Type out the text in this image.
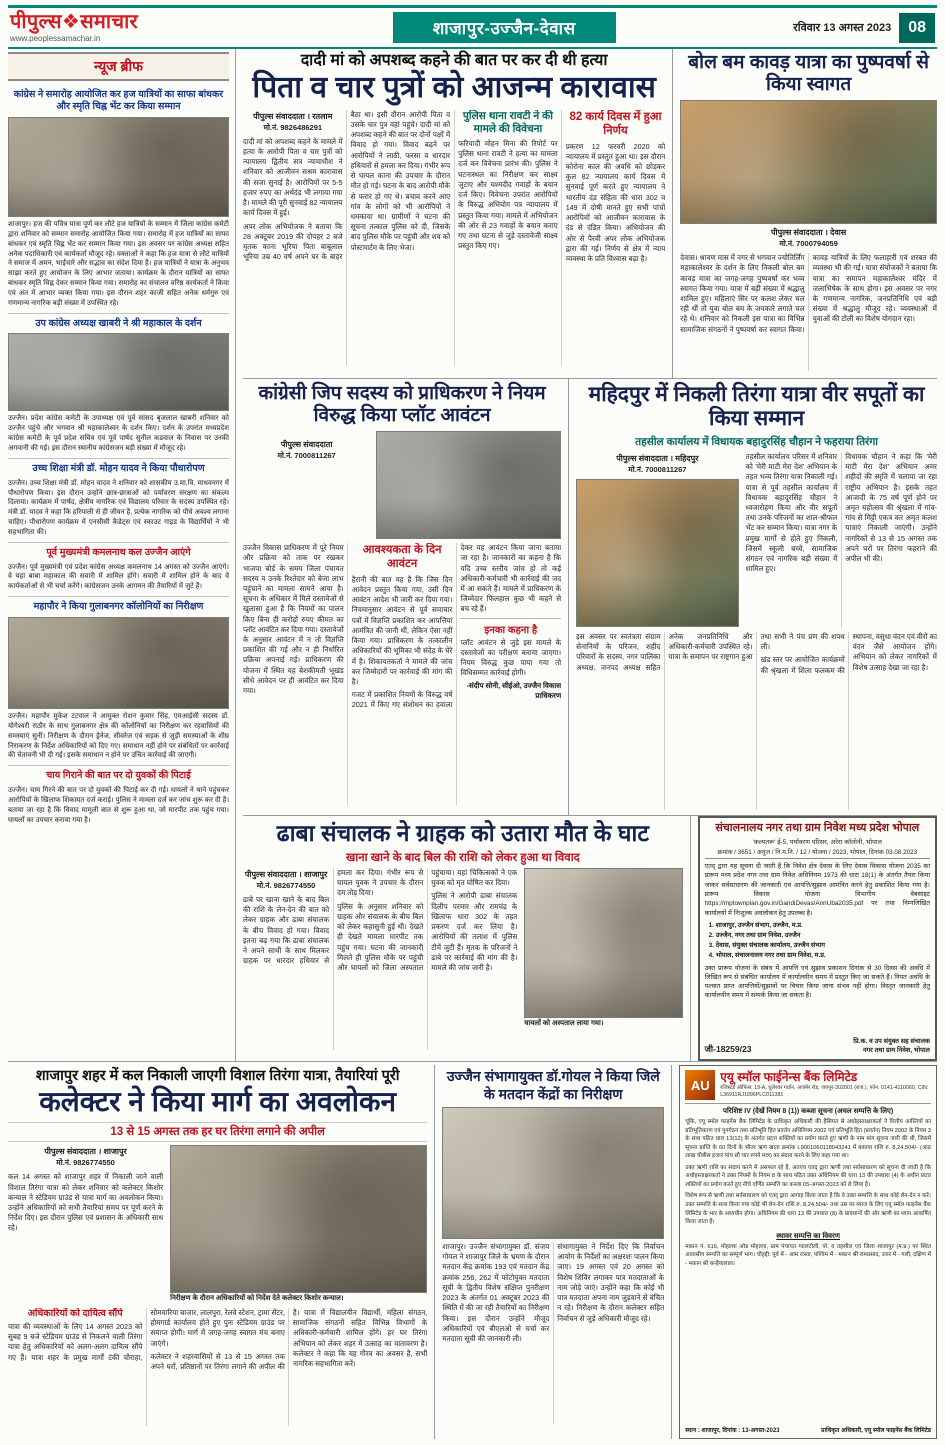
पीपुल्स❖समाचार
www.peoplessamachar.in
शाजापुर-उज्जैन-देवास	रविवार 13 अगस्त 2023	08
न्यूज ब्रीफ
कांग्रेस ने समारोह आयोजित कर हज यात्रियों का साफा बांधकर और स्मृति चिह्न भेंट कर किया सम्मान

शाजापुर। हज की पवित्र यात्रा पूर्ण कर लौटे हज यात्रियों के सम्मान में जिला कांग्रेस कमेटी द्वारा शनिवार को सम्मान समारोह आयोजित किया गया। समारोह में हज यात्रियों का साफा बांधकर एवं स्मृति चिह्न भेंट कर सम्मान किया गया। इस अवसर पर कांग्रेस अध्यक्ष सहित अनेक पदाधिकारी एवं कार्यकर्ता मौजूद रहे। वक्ताओं ने कहा कि हज यात्रा से लौटे यात्रियों ने समाज में अमन, भाईचारे और सद्भाव का संदेश दिया है। हज यात्रियों ने यात्रा के अनुभव साझा करते हुए आयोजन के लिए आभार जताया। कार्यक्रम के दौरान यात्रियों का साफा बांधकर स्मृति चिह्न देकर सम्मान किया गया। समारोह का संचालन वरिष्ठ कार्यकर्ता ने किया एवं अंत में आभार व्यक्त किया गया। इस दौरान शहर काजी सहित अनेक धर्मगुरु एवं गणमान्य नागरिक बड़ी संख्या में उपस्थित रहे।

उप कांग्रेस अध्यक्ष खाबरी ने श्री महाकाल के दर्शन

उज्जैन। प्रदेश कांग्रेस कमेटी के उपाध्यक्ष एवं पूर्व सांसद बृजलाल खाबरी शनिवार को उज्जैन पहुंचे और भगवान श्री महाकालेश्वर के दर्शन किए। दर्शन के उपरांत मध्यप्रदेश कांग्रेस कमेटी के पूर्व प्रदेश सचिव एवं पूर्व पार्षद सुनील कडवाल के निवास पर उनकी अगवानी की गई। इस दौरान स्थानीय कांग्रेसजन बड़ी संख्या में मौजूद रहे।

उच्च शिक्षा मंत्री डॉ. मोहन यादव ने किया पौधारोपण

उज्जैन। उच्च शिक्षा मंत्री डॉ. मोहन यादव ने शनिवार को शासकीय उ.मा.वि. माधवनगर में पौधारोपण किया। इस दौरान उन्होंने छात्र-छात्राओं को पर्यावरण संरक्षण का संकल्प दिलाया। कार्यक्रम में पार्षद, क्षेत्रीय नागरिक एवं विद्यालय परिवार के सदस्य उपस्थित रहे। मंत्री डॉ. यादव ने कहा कि हरियाली से ही जीवन है, प्रत्येक नागरिक को पौधे अवश्य लगाना चाहिए। पौधारोपण कार्यक्रम में एनसीसी कैडेट्स एवं स्काउट गाइड के विद्यार्थियों ने भी सहभागिता की।

पूर्व मुख्यमंत्री कमलनाथ कल उज्जैन आएंगे

उज्जैन। पूर्व मुख्यमंत्री एवं प्रदेश कांग्रेस अध्यक्ष कमलनाथ 14 अगस्त को उज्जैन आएंगे। वे यहां बाबा महाकाल की सवारी में शामिल होंगे। सवारी में शामिल होने के बाद वे कार्यकर्ताओं से भी चर्चा करेंगे। कांग्रेसजन उनके आगमन की तैयारियों में जुटे हैं।

महापौर ने किया गुलाबनगर कॉलोनियों का निरीक्षण

उज्जैन। महापौर मुकेश टटवाल ने आयुक्त रोशन कुमार सिंह, एमआईसी सदस्य डॉ. योगेश्वरी राठौर के साथ गुलाबनगर क्षेत्र की कॉलोनियों का निरीक्षण कर रहवासियों की समस्याएं सुनीं। निरीक्षण के दौरान ड्रेनेज, सीवरेज एवं सड़क से जुड़ी समस्याओं के शीघ्र निराकरण के निर्देश अधिकारियों को दिए गए। समाधान नहीं होने पर संबंधितों पर कार्रवाई की चेतावनी भी दी गई। इसके समाधान न होने पर उचित कार्रवाई की जाएगी।

चाय गिराने की बात पर दो युवकों की पिटाई

उज्जैन। चाय गिरने की बात पर दो युवकों की पिटाई कर दी गई। घायलों ने थाने पहुंचकर आरोपियों के खिलाफ शिकायत दर्ज कराई। पुलिस ने मामला दर्ज कर जांच शुरू कर दी है। बताया जा रहा है कि विवाद मामूली बात से शुरू हुआ था, जो मारपीट तक पहुंच गया। घायलों का उपचार कराया गया है।

दादी मां को अपशब्द कहने की बात पर कर दी थी हत्या
पिता व चार पुत्रों को आजन्म कारावास
पीपुल्स संवाददाता । रतलाम
मो.नं. 9826486291

दादी मां को अपशब्द कहने के मामले में हत्या के आरोपी पिता व चार पुत्रों को न्यायालय द्वितीय सत्र न्यायाधीश ने शनिवार को आजीवन सश्रम कारावास की सजा सुनाई है। आरोपियों पर 5-5 हजार रुपए का अर्थदंड भी लगाया गया है। मामले की पूरी सुनवाई 82 न्यायालय कार्य दिवस में हुई।

अपर लोक अभियोजक ने बताया कि 28 अक्टूबर 2019 की दोपहर 2 बजे मृतक काना भूरिया पिता बाबूलाल भूरिया उम्र 40 वर्ष अपने घर के बाहर बैठा था। इसी दौरान आरोपी पिता व उसके चार पुत्र वहां पहुंचे। दादी मां को अपशब्द कहने की बात पर दोनों पक्षों में विवाद हो गया। विवाद बढ़ने पर आरोपियों ने लाठी, फरसा व धारदार हथियारों से हमला कर दिया। गंभीर रूप से घायल काना की उपचार के दौरान मौत हो गई। घटना के बाद आरोपी मौके से फरार हो गए थे। बचाव करने आए गांव के लोगों को भी आरोपियों ने धमकाया था। ग्रामीणों ने घटना की सूचना तत्काल पुलिस को दी, जिसके बाद पुलिस मौके पर पहुंची और शव को पोस्टमार्टम के लिए भेजा।

पुलिस थाना रावटी ने की मामले की विवेचना

फरियादी मोहन मिना की रिपोर्ट पर पुलिस थाना रावटी ने हत्या का मामला दर्ज कर विवेचना प्रारंभ की। पुलिस ने घटनास्थल का निरीक्षण कर साक्ष्य जुटाए और चश्मदीद गवाहों के बयान दर्ज किए। विवेचना उपरांत आरोपियों के विरुद्ध अभियोग पत्र न्यायालय में प्रस्तुत किया गया। मामले में अभियोजन की ओर से 23 गवाहों के बयान कराए गए तथा घटना से जुड़े दस्तावेजी साक्ष्य प्रस्तुत किए गए।

82 कार्य दिवस में हुआ निर्णय

प्रकरण 12 फरवरी 2020 को न्यायालय में प्रस्तुत हुआ था। इस दौरान कोरोना काल की अवधि को छोड़कर कुल 82 न्यायालय कार्य दिवस में सुनवाई पूर्ण करते हुए न्यायालय ने भारतीय दंड संहिता की धारा 302 व 149 में दोषी मानते हुए सभी पांचों आरोपियों को आजीवन कारावास के दंड से दंडित किया। अभियोजन की ओर से पैरवी अपर लोक अभियोजक द्वारा की गई। निर्णय से क्षेत्र में न्याय व्यवस्था के प्रति विश्वास बढ़ा है।

बोल बम कावड़ यात्रा का पुष्पवर्षा से किया स्वागत
पीपुल्स संवाददाता । देवास
मो.नं. 7000794059

देवास। श्रावण मास में नगर से भगवान ज्योतिर्लिंग महाकालेश्वर के दर्शन के लिए निकली बोल बम कावड़ यात्रा का जगह-जगह पुष्पवर्षा कर भव्य स्वागत किया गया। यात्रा में बड़ी संख्या में श्रद्धालु शामिल हुए। महिलाएं सिर पर कलश लेकर चल रही थीं तो युवा बोल बम के जयकारे लगाते चल रहे थे। शनिवार को निकली इस यात्रा का विभिन्न सामाजिक संगठनों ने पुष्पवर्षा कर स्वागत किया। कावड़ यात्रियों के लिए फलाहारी एवं शरबत की व्यवस्था भी की गई। यात्रा संयोजकों ने बताया कि यात्रा का समापन महाकालेश्वर मंदिर में जलाभिषेक के साथ होगा। इस अवसर पर नगर के गणमान्य नागरिक, जनप्रतिनिधि एवं बड़ी संख्या में श्रद्धालु मौजूद रहे। व्यवस्थाओं में युवाओं की टोली का विशेष योगदान रहा।

कांग्रेसी जिप सदस्य को प्राधिकरण ने नियम विरुद्ध किया प्लॉट आवंटन
पीपुल्स संवाददाता
मो.नं. 7000811267

उज्जैन विकास प्राधिकरण में पूरे नियम और प्रक्रिया को ताक पर रखकर भाजपा बोर्ड के समय जिला पंचायत सदस्य व उनके रिश्तेदार को बेजा लाभ पहुंचाने का मामला सामने आया है। सूचना के अधिकार में मिले दस्तावेजों से खुलासा हुआ है कि नियमों का पालन किए बिना ही करोड़ों रुपए कीमत का प्लॉट आवंटित कर दिया गया। दस्तावेजों के अनुसार आवंटन में न तो विज्ञप्ति प्रकाशित की गई और न ही निर्धारित प्रक्रिया अपनाई गई। प्राधिकरण की योजना में स्थित यह बेशकीमती भूखंड सीधे आवेदन पर ही आवंटित कर दिया गया।

आवश्यकता के दिन आवंटन

हैरानी की बात यह है कि जिस दिन आवेदन प्रस्तुत किया गया, उसी दिन आवंटन आदेश भी जारी कर दिया गया। नियमानुसार आवंटन से पूर्व समाचार पत्रों में विज्ञप्ति प्रकाशित कर आपत्तियां आमंत्रित की जानी थीं, लेकिन ऐसा नहीं किया गया। प्राधिकरण के तत्कालीन अधिकारियों की भूमिका भी संदेह के घेरे में है। शिकायतकर्ता ने मामले की जांच कर जिम्मेदारों पर कार्रवाई की मांग की है।

गजट में प्रकाशित नियमों के विरुद्ध वर्ष 2021 में किए गए संशोधन का हवाला देकर यह आवंटन किया जाना बताया जा रहा है। जानकारों का कहना है कि यदि उच्च स्तरीय जांच हो तो कई अधिकारी-कर्मचारी भी कार्रवाई की जद में आ सकते हैं। मामले में प्राधिकरण के जिम्मेदार फिलहाल कुछ भी कहने से बच रहे हैं।

इनका कहना है

प्लॉट आवंटन से जुड़े इस मामले के दस्तावेजों का परीक्षण कराया जाएगा। नियम विरुद्ध कुछ पाया गया तो विधिसम्मत कार्रवाई होगी।

-संदीप सोनी, सीईओ, उज्जैन विकास प्राधिकरण
महिदपुर में निकली तिरंगा यात्रा वीर सपूतों का किया सम्मान
तहसील कार्यालय में विधायक बहादुरसिंह चौहान ने फहराया तिरंगा
पीपुल्स संवाददाता । महिदपुर
मो.नं. 7000811267

तहसील कार्यालय परिसर में शनिवार को 'मेरी माटी मेरा देश' अभियान के तहत भव्य तिरंगा यात्रा निकाली गई। यात्रा से पूर्व तहसील कार्यालय में विधायक बहादुरसिंह चौहान ने ध्वजारोहण किया और वीर सपूतों तथा उनके परिजनों का शाल-श्रीफल भेंट कर सम्मान किया। यात्रा नगर के प्रमुख मार्गों से होते हुए निकली, जिसमें स्कूली बच्चे, सामाजिक संगठन एवं नागरिक बड़ी संख्या में शामिल हुए।

विधायक चौहान ने कहा कि 'मेरी माटी मेरा देश' अभियान अमर शहीदों की स्मृति में चलाया जा रहा राष्ट्रीय अभियान है। इसके तहत आजादी के 75 वर्ष पूर्ण होने पर अमृत महोत्सव की श्रृंखला में गांव-गांव से मिट्टी एकत्र कर अमृत कलश यात्राएं निकाली जाएंगी। उन्होंने नागरिकों से 13 से 15 अगस्त तक अपने घरों पर तिरंगा फहराने की अपील भी की।

इस अवसर पर स्वतंत्रता संग्राम सेनानियों के परिजन, शहीद परिवारों के सदस्य, नगर पालिका अध्यक्ष, जनपद अध्यक्ष सहित अनेक जनप्रतिनिधि और अधिकारी-कर्मचारी उपस्थित रहे। यात्रा के समापन पर राष्ट्रगान हुआ तथा सभी ने पंच प्रण की शपथ ली।

खंड स्तर पर आयोजित कार्यक्रमों की श्रृंखला में शिला फलकम की स्थापना, वसुधा वंदन एवं वीरों का वंदन जैसे आयोजन होंगे। अभियान को लेकर नागरिकों में विशेष उत्साह देखा जा रहा है।

ढाबा संचालक ने ग्राहक को उतारा मौत के घाट
खाना खाने के बाद बिल की राशि को लेकर हुआ था विवाद
पीपुल्स संवाददाता । शाजापुर
मो.नं. 9826774550

ढाबे पर खाना खाने के बाद बिल की राशि के लेन-देन की बात को लेकर ग्राहक और ढाबा संचालक के बीच विवाद हो गया। विवाद इतना बढ़ गया कि ढाबा संचालक ने अपने साथी के साथ मिलकर ग्राहक पर धारदार हथियार से हमला कर दिया। गंभीर रूप से घायल युवक ने उपचार के दौरान दम तोड़ दिया।

पुलिस के अनुसार शनिवार को ग्राहक और संचालक के बीच बिल को लेकर कहासुनी हुई थी। देखते ही देखते मामला मारपीट तक पहुंच गया। घटना की जानकारी मिलते ही पुलिस मौके पर पहुंची और घायलों को जिला अस्पताल पहुंचाया। यहां चिकित्सकों ने एक युवक को मृत घोषित कर दिया।

पुलिस ने आरोपी ढाबा संचालक दिलीप परमार और रामचंद्र के खिलाफ धारा 302 के तहत प्रकरण दर्ज कर लिया है। आरोपियों की तलाश में पुलिस टीमें जुटी हैं। मृतक के परिजनों ने ढाबे पर कार्रवाई की मांग की है। मामले की जांच जारी है।

घायलों को अस्पताल लाया गया।
संचालनालय नगर तथा ग्राम निवेश मध्य प्रदेश भोपाल
'कल्पतरू' ई-5, पर्यावरण परिसर, अरेरा कॉलोनी, भोपाल
क्रमांक / 3651 / अनुज / नि.म.नि. / 12 / योजना / 2023, भोपाल, दिनांक 03.08.2023

एतद् द्वारा यह सूचना दी जाती है कि निवेश क्षेत्र देवास के लिए देवास विकास योजना 2035 का प्रारूप मध्य प्रदेश नगर तथा ग्राम निवेश अधिनियम 1973 की धारा 18(1) के अंतर्गत तैयार किया जाकर सर्वसाधारण की जानकारी एवं आपत्ति/सुझाव आमंत्रित करने हेतु प्रकाशित किया गया है। प्रारूप विकास योजना विभागीय वेबसाइट https://mptownplan.gov.in/GandiDevas/AnnUba2035.pdf पर तथा निम्नलिखित कार्यालयों में निःशुल्क अवलोकन हेतु उपलब्ध है।

1. शाजापुर, उज्जैन संभाग, उज्जैन, म.प्र.
2. उज्जैन, नगर तथा ग्राम निवेश, उज्जैन
3. देवास, संयुक्त संचालक कार्यालय, उज्जैन संभाग
4. भोपाल, संचालनालय नगर तथा ग्राम निवेश, म.प्र.

उक्त प्रारूप योजना के संबंध में आपत्ति एवं सुझाव प्रकाशन दिनांक से 30 दिवस की अवधि में लिखित रूप से संबंधित कार्यालय में कार्यालयीन समय में प्रस्तुत किए जा सकते हैं। नियत अवधि के पश्चात प्राप्त आपत्तियों/सुझावों पर विचार किया जाना संभव नहीं होगा। विस्तृत जानकारी हेतु कार्यालयीन समय में सम्पर्क किया जा सकता है।

जी-18259/23
प्रि.क. व उप संयुक्त सह संचालक
नगर तथा ग्राम निवेश, भोपाल
शाजापुर शहर में कल निकाली जाएगी विशाल तिरंगा यात्रा, तैयारियां पूरी
कलेक्टर ने किया मार्ग का अवलोकन
13 से 15 अगस्त तक हर घर तिरंगा लगाने की अपील
पीपुल्स संवाददाता । शाजापुर
मो.नं. 9826774550

कल 14 अगस्त को शाजापुर शहर में निकाली जाने वाली विशाल तिरंगा यात्रा को लेकर शनिवार को कलेक्टर किशोर कन्याल ने स्टेडियम ग्राउंड से यात्रा मार्ग का अवलोकन किया। उन्होंने अधिकारियों को सभी तैयारियां समय पर पूर्ण करने के निर्देश दिए। इस दौरान पुलिस एवं प्रशासन के अधिकारी साथ रहे।

निरीक्षण के दौरान अधिकारियों को निर्देश देते कलेक्टर किशोर कन्याल।
अधिकारियों को दायित्व सौंपे

यात्रा की व्यवस्थाओं के लिए 14 अगस्त 2023 को सुबह 9 बजे स्टेडियम ग्राउंड से निकलने वाली तिरंगा यात्रा हेतु अधिकारियों को अलग-अलग दायित्व सौंपे गए हैं। यात्रा शहर के प्रमुख मार्गों टंकी चौराहा, सोमवारिया बाजार, लालपुरा, रेलवे स्टेशन, ट्रामा सेंटर, होमगार्ड कार्यालय होते हुए पुनः स्टेडियम ग्राउंड पर समाप्त होगी। मार्ग में जगह-जगह स्वागत मंच बनाए जाएंगे।

कलेक्टर ने शहरवासियों से 13 से 15 अगस्त तक अपने घरों, प्रतिष्ठानों पर तिरंगा लगाने की अपील की है। यात्रा में विद्यालयीन विद्यार्थी, महिला संगठन, सामाजिक संगठनों सहित विभिन्न विभागों के अधिकारी-कर्मचारी शामिल होंगे। हर घर तिरंगा अभियान को लेकर शहर में उत्साह का वातावरण है। कलेक्टर ने कहा कि यह गौरव का अवसर है, सभी नागरिक सहभागिता करें।

उज्जैन संभागायुक्त डॉ.गोयल ने किया जिले के मतदान केंद्रों का निरीक्षण

शाजापुर। उज्जैन संभागायुक्त डॉ. संजय गोयल ने शाजापुर जिले के भ्रमण के दौरान मतदान केंद्र क्रमांक 193 एवं मतदान केंद्र क्रमांक 256, 262 में फोटोयुक्त मतदाता सूची के द्वितीय विशेष संक्षिप्त पुनरीक्षण 2023 के अंतर्गत 01 अक्टूबर 2023 की स्थिति में की जा रही तैयारियों का निरीक्षण किया। इस दौरान उन्होंने मौजूद अधिकारियों एवं बीएलओ से चर्चा कर मतदाता सूची की जानकारी ली।

संभागायुक्त ने निर्देश दिए कि निर्वाचन आयोग के निर्देशों का अक्षरशः पालन किया जाए। 19 अगस्त एवं 20 अगस्त को विशेष शिविर लगाकर पात्र मतदाताओं के नाम जोड़े जाएं। उन्होंने कहा कि कोई भी पात्र मतदाता अपना नाम जुड़वाने से वंचित न रहे। निरीक्षण के दौरान कलेक्टर सहित निर्वाचन से जुड़े अधिकारी मौजूद रहे।

AU
एयू स्मॉल फाईनेन्स बैंक लिमिटेड
रजिस्टर्ड ऑफिस: 19-A, धुलेश्वर गार्डन, अजमेर रोड, जयपुर-302001 (राज.), फोन: 0141-4110060, CIN: L36911RJ1996PLC011381
परिशिष्ट IV (देखें नियम 8 (1)) कब्जा सूचना (अचल सम्पत्ति के लिए)

चूंकि, एयू स्मॉल फाइनेंस बैंक लिमिटेड के प्राधिकृत अधिकारी की हैसियत से अधोहस्ताक्षरकर्ता ने वित्तीय आस्तियों का प्रतिभूतिकरण एवं पुनर्गठन तथा प्रतिभूति हित प्रवर्तन अधिनियम 2002 एवं प्रतिभूति हित (प्रवर्तन) नियम 2002 के नियम 3 के साथ पठित धारा 13(12) के अंतर्गत प्रदत्त शक्तियों का प्रयोग करते हुए ऋणी के नाम मांग सूचना जारी की थी, जिसमें सूचना प्राप्ति के 60 दिनों के भीतर ऋण खाता क्रमांक L9001060118043241 में बकाया राशि रु. 8,24,504/- (आठ लाख चौबीस हजार पांच सौ चार रुपये मात्र) का संदाय करने के लिए कहा गया था।

उक्त ऋणी राशि का संदाय करने में असफल रहे हैं, अतएव एतद् द्वारा ऋणी तथा सर्वसाधारण को सूचना दी जाती है कि अधोहस्ताक्षरकर्ता ने उक्त नियमों के नियम 8 के साथ पठित उक्त अधिनियम की धारा 13 की उपधारा (4) के अधीन प्रदत्त शक्तियों का प्रयोग करते हुए नीचे वर्णित सम्पत्ति का कब्जा 05-अगस्त-2023 को ले लिया है।

विशेष रूप से ऋणी तथा सर्वसाधारण को एतद् द्वारा आगाह किया जाता है कि वे उक्त सम्पत्ति के साथ कोई लेन-देन न करें। उक्त सम्पत्ति के साथ किया गया कोई भी लेन-देन राशि रु. 8,24,504/- तथा उस पर ब्याज के लिए एयू स्मॉल फाइनेंस बैंक लिमिटेड के भार के अध्यधीन होगा। अधिनियम की धारा 13 की उपधारा (8) के प्रावधानों की ओर ऋणी का ध्यान आकर्षित किया जाता है।

स्थावर सम्पत्ति का विवरण

मकान नं. 616, मोहल्ला ओड मोहल्ला, ग्राम पंचायत ग्वालटोली, पो. व तहसील एवं जिला शाजापुर (म.प्र.) पर स्थित आवासीय सम्पत्ति का सम्पूर्ण भाग। चौहद्दी: पूर्व में - आम रास्ता, पश्चिम में - मकान श्री रामप्रसाद, उत्तर में - गली, दक्षिण में - मकान श्री कन्हैयालाल।

स्थान : शाजापुर, दिनांक : 13-अगस्त-2023	प्राधिकृत अधिकारी, एयू स्मॉल फाइनेंस बैंक लिमिटेड
